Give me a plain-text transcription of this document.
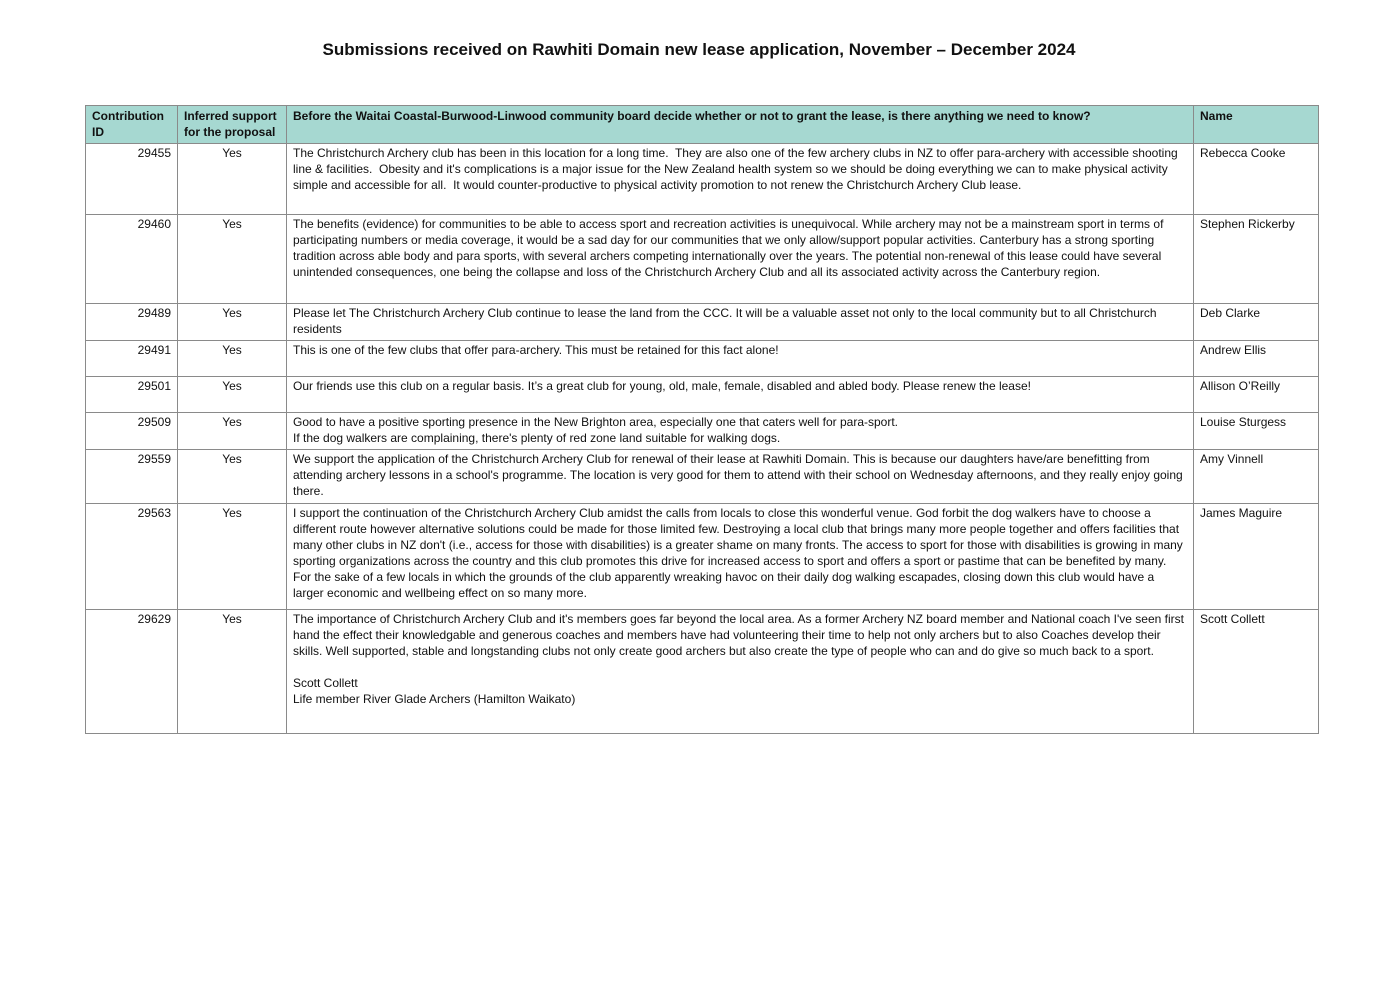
Submissions received on Rawhiti Domain new lease application, November – December 2024
Contribution ID	Inferred support for the proposal	Before the Waitai Coastal-Burwood-Linwood community board decide whether or not to grant the lease, is there anything we need to know?	Name
29455	Yes	The Christchurch Archery club has been in this location for a long time.  They are also one of the few archery clubs in NZ to offer para-archery with accessible shooting line & facilities.  Obesity and it's complications is a major issue for the New Zealand health system so we should be doing everything we can to make physical activity simple and accessible for all.  It would counter-productive to physical activity promotion to not renew the Christchurch Archery Club lease.	Rebecca Cooke
29460	Yes	The benefits (evidence) for communities to be able to access sport and recreation activities is unequivocal. While archery may not be a mainstream sport in terms of participating numbers or media coverage, it would be a sad day for our communities that we only allow/support popular activities. Canterbury has a strong sporting tradition across able body and para sports, with several archers competing internationally over the years. The potential non-renewal of this lease could have several unintended consequences, one being the collapse and loss of the Christchurch Archery Club and all its associated activity across the Canterbury region.	Stephen Rickerby
29489	Yes	Please let The Christchurch Archery Club continue to lease the land from the CCC. It will be a valuable asset not only to the local community but to all Christchurch residents	Deb Clarke
29491	Yes	This is one of the few clubs that offer para-archery. This must be retained for this fact alone!	Andrew Ellis
29501	Yes	Our friends use this club on a regular basis. It’s a great club for young, old, male, female, disabled and abled body. Please renew the lease!	Allison O’Reilly
29509	Yes	Good to have a positive sporting presence in the New Brighton area, especially one that caters well for para-sport.
If the dog walkers are complaining, there's plenty of red zone land suitable for walking dogs.	Louise Sturgess
29559	Yes	We support the application of the Christchurch Archery Club for renewal of their lease at Rawhiti Domain. This is because our daughters have/are benefitting from attending archery lessons in a school's programme. The location is very good for them to attend with their school on Wednesday afternoons, and they really enjoy going there.	Amy Vinnell
29563	Yes	I support the continuation of the Christchurch Archery Club amidst the calls from locals to close this wonderful venue. God forbit the dog walkers have to choose a different route however alternative solutions could be made for those limited few. Destroying a local club that brings many more people together and offers facilities that many other clubs in NZ don't (i.e., access for those with disabilities) is a greater shame on many fronts. The access to sport for those with disabilities is growing in many sporting organizations across the country and this club promotes this drive for increased access to sport and offers a sport or pastime that can be benefited by many. For the sake of a few locals in which the grounds of the club apparently wreaking havoc on their daily dog walking escapades, closing down this club would have a larger economic and wellbeing effect on so many more.	James Maguire
29629	Yes	The importance of Christchurch Archery Club and it's members goes far beyond the local area. As a former Archery NZ board member and National coach I've seen first hand the effect their knowledgable and generous coaches and members have had volunteering their time to help not only archers but to also Coaches develop their skills. Well supported, stable and longstanding clubs not only create good archers but also create the type of people who can and do give so much back to a sport.

Scott Collett
Life member River Glade Archers (Hamilton Waikato)	Scott Collett
